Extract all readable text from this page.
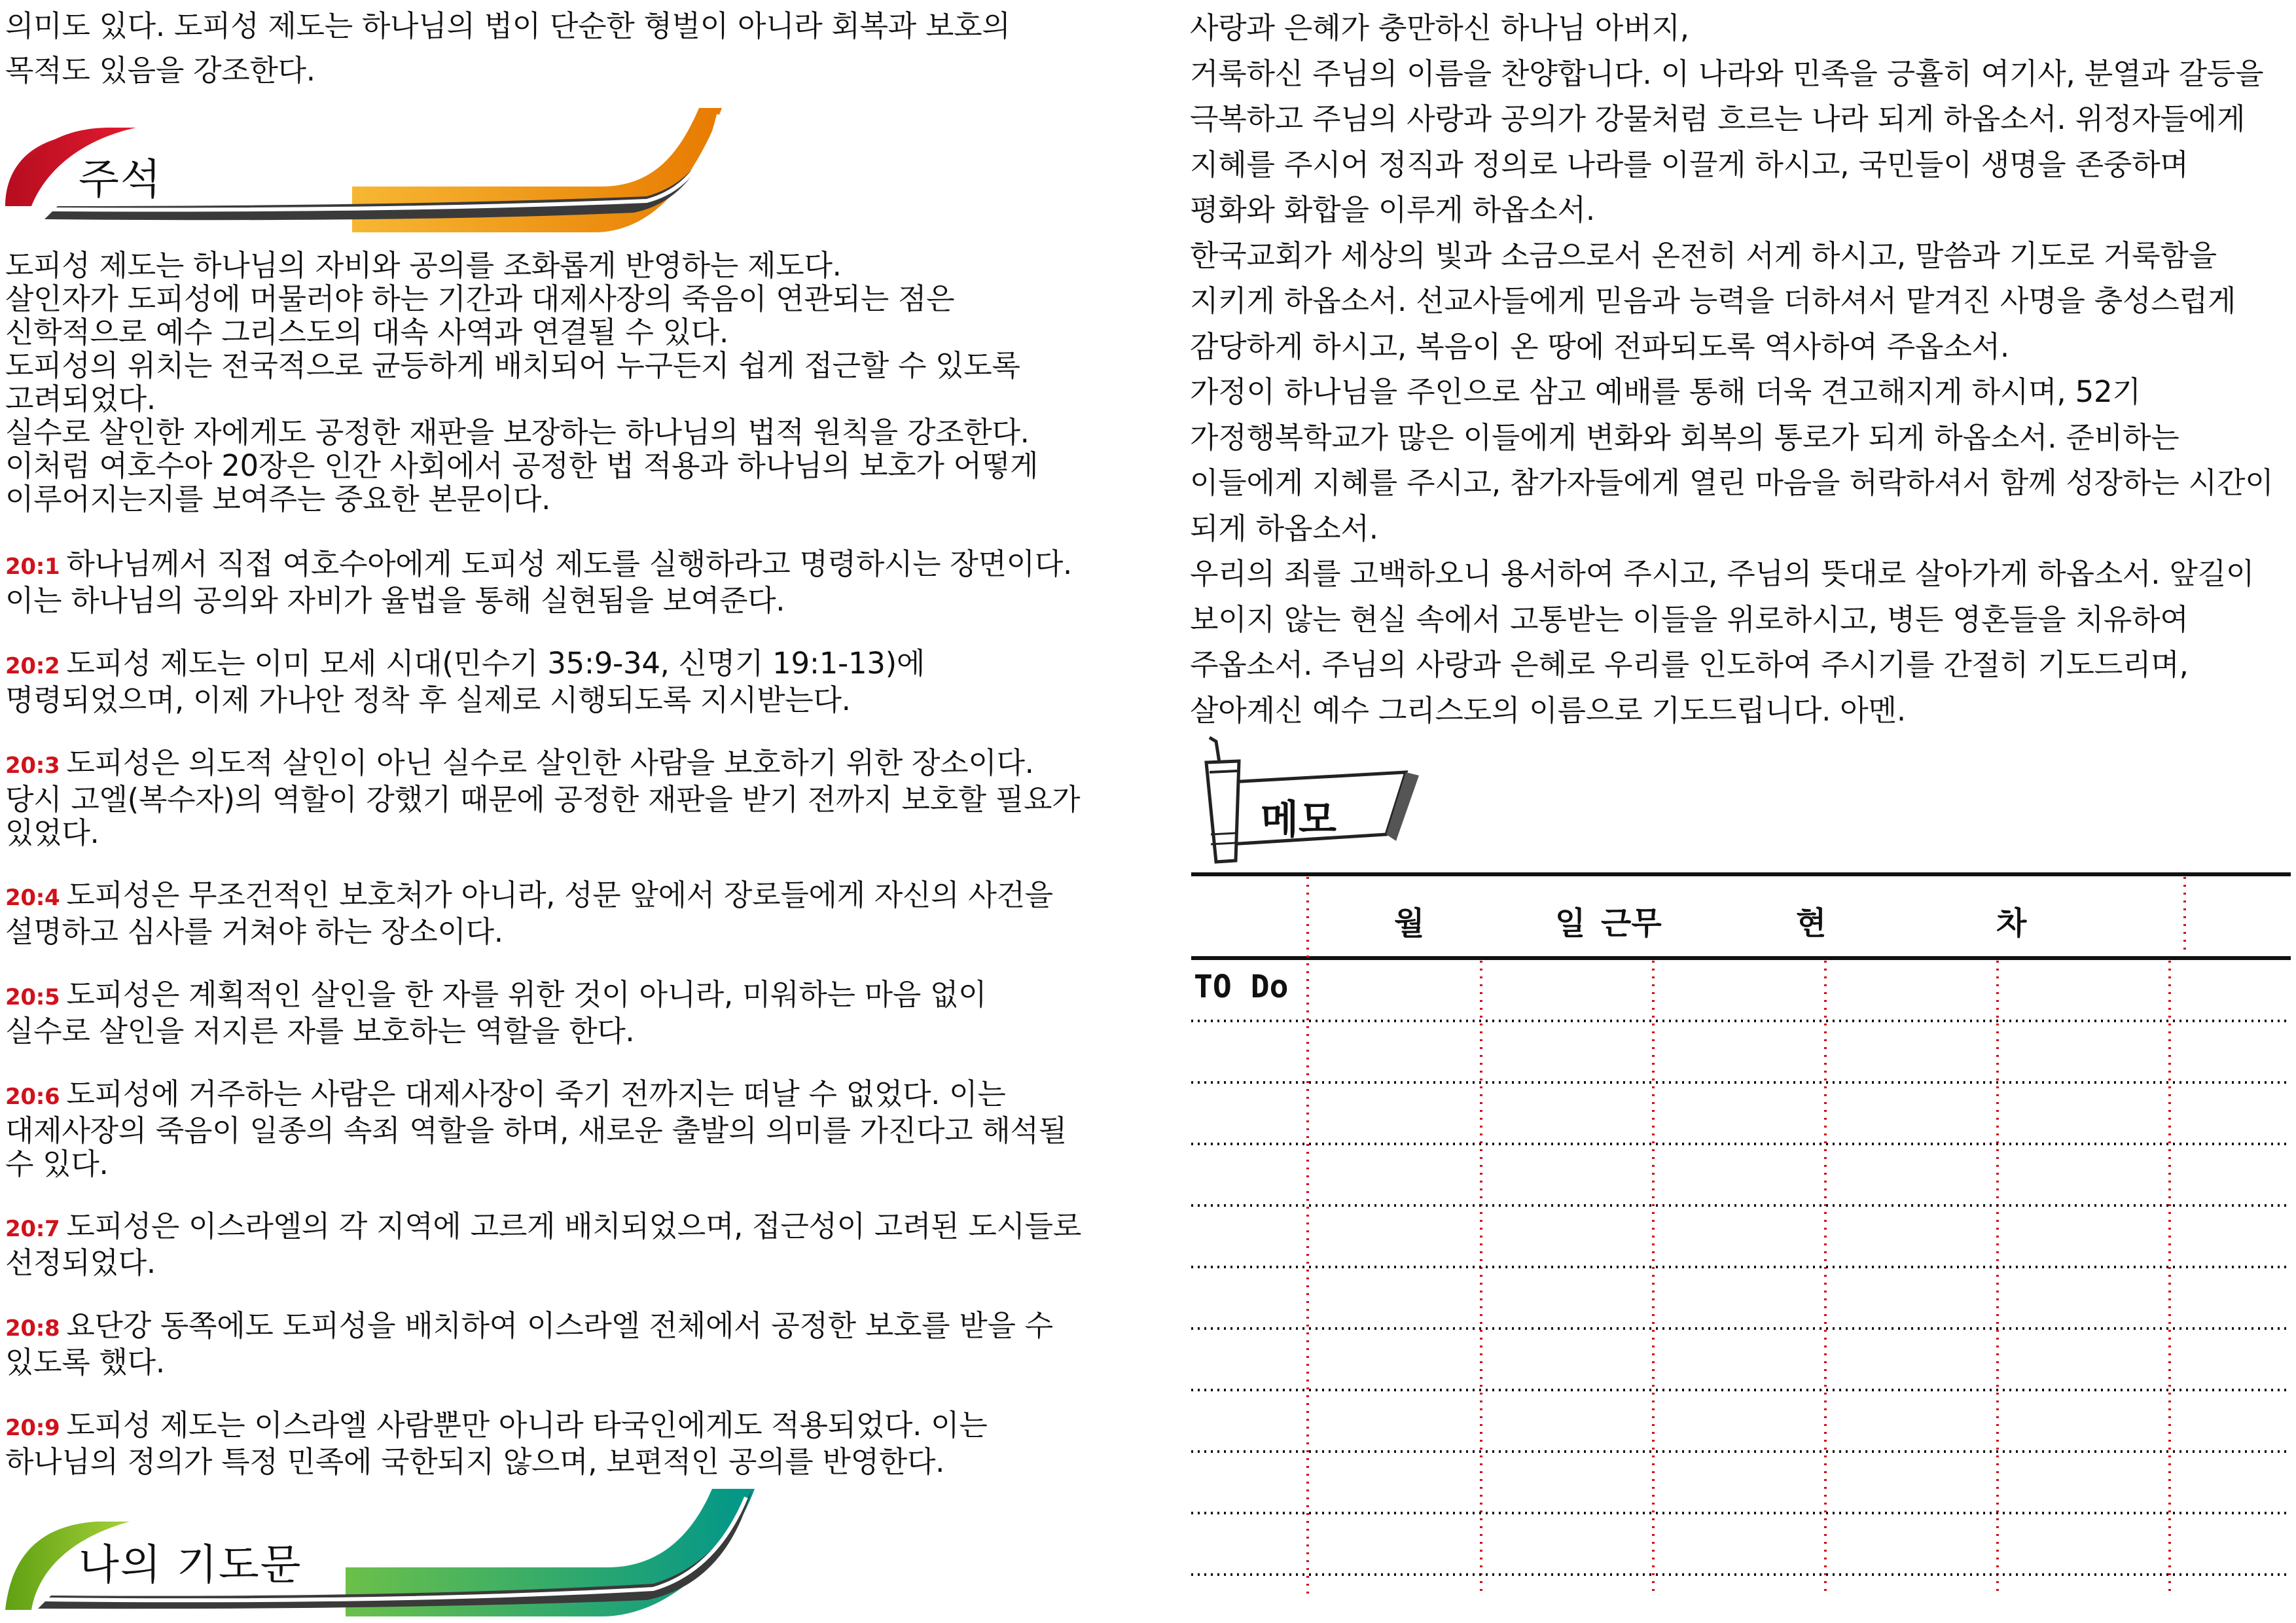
의미도 있다. 도피성 제도는 하나님의 법이 단순한 형벌이 아니라 회복과 보호의
목적도 있음을 강조한다.

주석

도피성 제도는 하나님의 자비와 공의를 조화롭게 반영하는 제도다.
살인자가 도피성에 머물러야 하는 기간과 대제사장의 죽음이 연관되는 점은
신학적으로 예수 그리스도의 대속 사역과 연결될 수 있다.
도피성의 위치는 전국적으로 균등하게 배치되어 누구든지 쉽게 접근할 수 있도록
고려되었다.
실수로 살인한 자에게도 공정한 재판을 보장하는 하나님의 법적 원칙을 강조한다.
이처럼 여호수아 20장은 인간 사회에서 공정한 법 적용과 하나님의 보호가 어떻게
이루어지는지를 보여주는 중요한 본문이다.

20:1 하나님께서 직접 여호수아에게 도피성 제도를 실행하라고 명령하시는 장면이다.
이는 하나님의 공의와 자비가 율법을 통해 실현됨을 보여준다.

20:2 도피성 제도는 이미 모세 시대(민수기 35:9-34, 신명기 19:1-13)에
명령되었으며, 이제 가나안 정착 후 실제로 시행되도록 지시받는다.

20:3 도피성은 의도적 살인이 아닌 실수로 살인한 사람을 보호하기 위한 장소이다.
당시 고엘(복수자)의 역할이 강했기 때문에 공정한 재판을 받기 전까지 보호할 필요가
있었다.

20:4 도피성은 무조건적인 보호처가 아니라, 성문 앞에서 장로들에게 자신의 사건을
설명하고 심사를 거쳐야 하는 장소이다.

20:5 도피성은 계획적인 살인을 한 자를 위한 것이 아니라, 미워하는 마음 없이
실수로 살인을 저지른 자를 보호하는 역할을 한다.

20:6 도피성에 거주하는 사람은 대제사장이 죽기 전까지는 떠날 수 없었다. 이는
대제사장의 죽음이 일종의 속죄 역할을 하며, 새로운 출발의 의미를 가진다고 해석될
수 있다.

20:7 도피성은 이스라엘의 각 지역에 고르게 배치되었으며, 접근성이 고려된 도시들로
선정되었다.

20:8 요단강 동쪽에도 도피성을 배치하여 이스라엘 전체에서 공정한 보호를 받을 수
있도록 했다.

20:9 도피성 제도는 이스라엘 사람뿐만 아니라 타국인에게도 적용되었다. 이는
하나님의 정의가 특정 민족에 국한되지 않으며, 보편적인 공의를 반영한다.

나의 기도문

사랑과 은혜가 충만하신 하나님 아버지,
거룩하신 주님의 이름을 찬양합니다. 이 나라와 민족을 긍휼히 여기사, 분열과 갈등을
극복하고 주님의 사랑과 공의가 강물처럼 흐르는 나라 되게 하옵소서. 위정자들에게
지혜를 주시어 정직과 정의로 나라를 이끌게 하시고, 국민들이 생명을 존중하며
평화와 화합을 이루게 하옵소서.
한국교회가 세상의 빛과 소금으로서 온전히 서게 하시고, 말씀과 기도로 거룩함을
지키게 하옵소서. 선교사들에게 믿음과 능력을 더하셔서 맡겨진 사명을 충성스럽게
감당하게 하시고, 복음이 온 땅에 전파되도록 역사하여 주옵소서.
가정이 하나님을 주인으로 삼고 예배를 통해 더욱 견고해지게 하시며, 52기
가정행복학교가 많은 이들에게 변화와 회복의 통로가 되게 하옵소서. 준비하는
이들에게 지혜를 주시고, 참가자들에게 열린 마음을 허락하셔서 함께 성장하는 시간이
되게 하옵소서.
우리의 죄를 고백하오니 용서하여 주시고, 주님의 뜻대로 살아가게 하옵소서. 앞길이
보이지 않는 현실 속에서 고통받는 이들을 위로하시고, 병든 영혼들을 치유하여
주옵소서. 주님의 사랑과 은혜로 우리를 인도하여 주시기를 간절히 기도드리며,
살아계신 예수 그리스도의 이름으로 기도드립니다. 아멘.

메모
월	일 근무	현	차
TO Do
